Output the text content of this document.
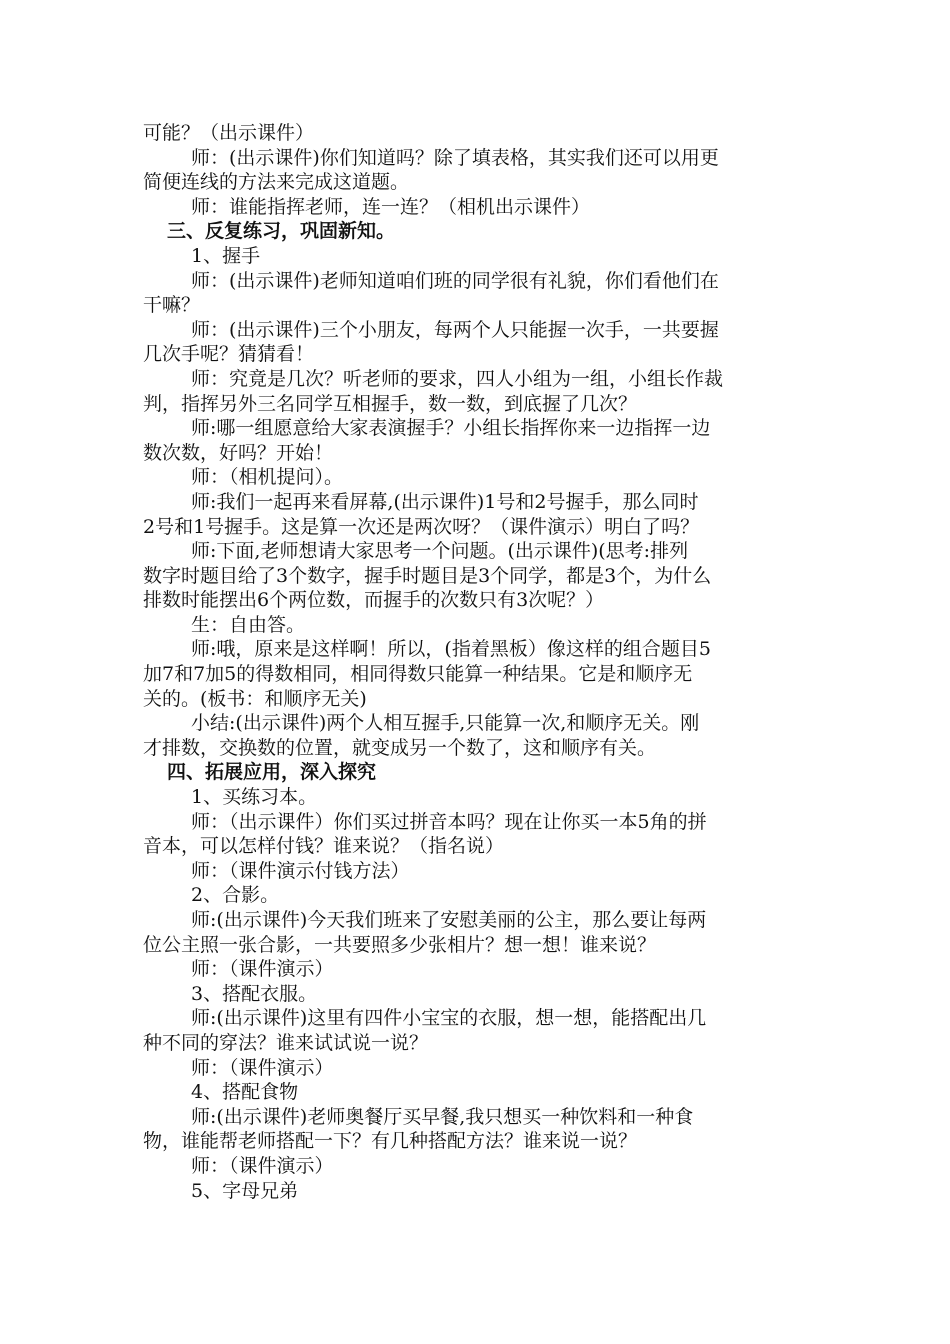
可能？（出示课件）
师：(出示课件)你们知道吗？除了填表格，其实我们还可以用更
简便连线的方法来完成这道题。
师：谁能指挥老师，连一连？（相机出示课件）
三、反复练习，巩固新知。
1、握手
师：(出示课件)老师知道咱们班的同学很有礼貌，你们看他们在
干嘛？
师：(出示课件)三个小朋友，每两个人只能握一次手，一共要握
几次手呢？猜猜看！
师：究竟是几次？听老师的要求，四人小组为一组，小组长作裁
判，指挥另外三名同学互相握手，数一数，到底握了几次？
师:哪一组愿意给大家表演握手？小组长指挥你来一边指挥一边
数次数，好吗？开始！
师：（相机提问）。
师:我们一起再来看屏幕,(出示课件)1号和2号握手，那么同时
2号和1号握手。这是算一次还是两次呀？（课件演示）明白了吗？
师:下面,老师想请大家思考一个问题。(出示课件)(思考:排列
数字时题目给了3个数字，握手时题目是3个同学，都是3个，为什么
排数时能摆出6个两位数，而握手的次数只有3次呢？）
生：自由答。
师:哦，原来是这样啊！所以，(指着黑板）像这样的组合题目5
加7和7加5的得数相同，相同得数只能算一种结果。它是和顺序无
关的。(板书：和顺序无关)
小结:(出示课件)两个人相互握手,只能算一次,和顺序无关。刚
才排数，交换数的位置，就变成另一个数了，这和顺序有关。
四、拓展应用，深入探究
1、买练习本。
师：（出示课件）你们买过拼音本吗？现在让你买一本5角的拼
音本，可以怎样付钱？谁来说？（指名说）
师：（课件演示付钱方法）
2、合影。
师:(出示课件)今天我们班来了安慰美丽的公主，那么要让每两
位公主照一张合影，一共要照多少张相片？想一想！谁来说？
师：（课件演示）
3、搭配衣服。
师:(出示课件)这里有四件小宝宝的衣服，想一想，能搭配出几
种不同的穿法？谁来试试说一说？
师：（课件演示）
4、搭配食物
师:(出示课件)老师奥餐厅买早餐,我只想买一种饮料和一种食
物，谁能帮老师搭配一下？有几种搭配方法？谁来说一说？
师：（课件演示）
5、字母兄弟
